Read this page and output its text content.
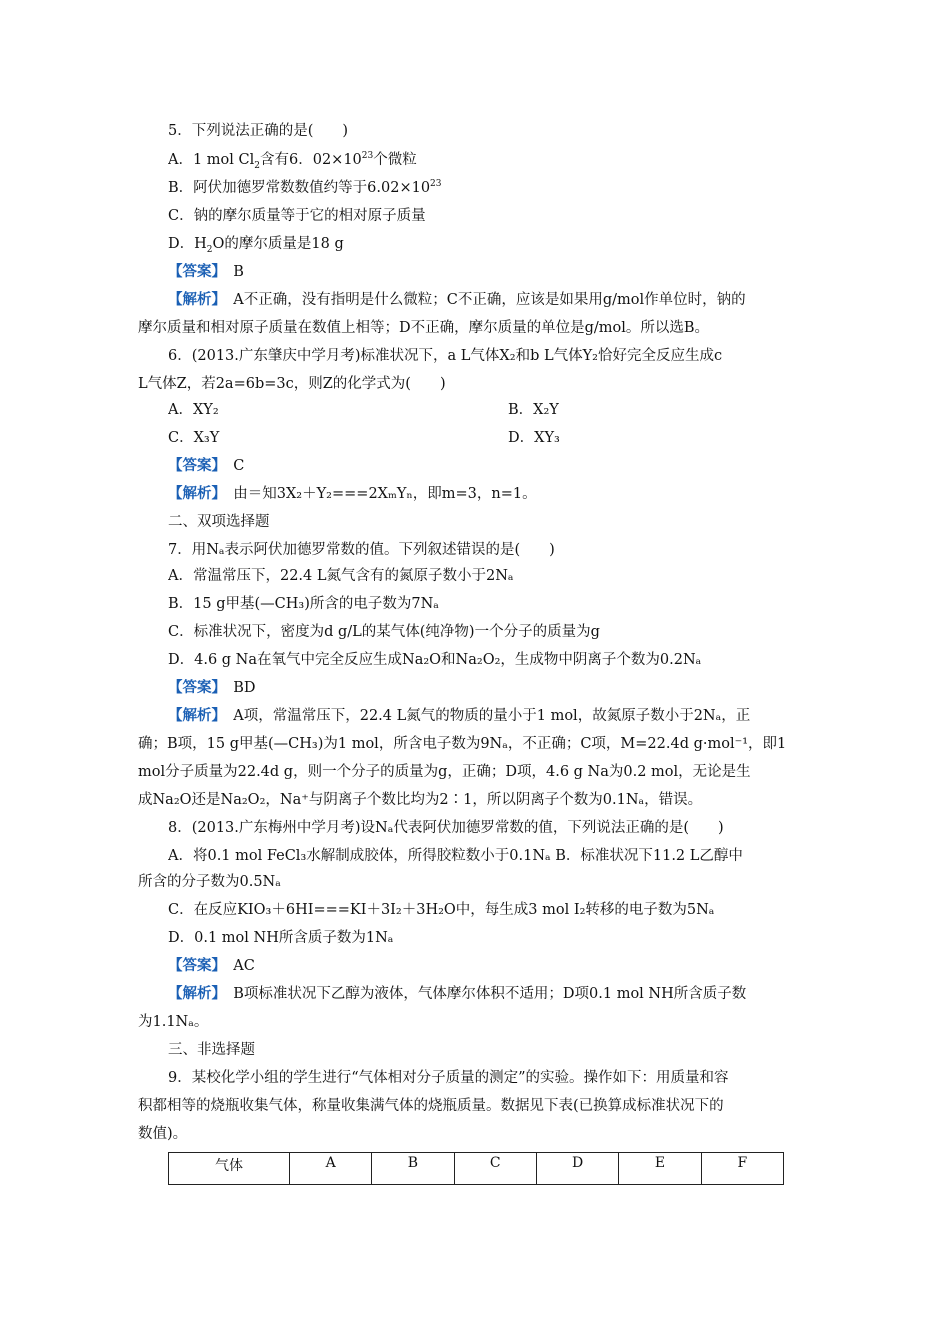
5．下列说法正确的是(　　)
A．1 mol $Cl_2$含有6．$02\times 10^{23}$个微粒
B．阿伏加德罗常数数值约等于$6.02\times 10^{23}$
C．钠的摩尔质量等于它的相对原子质量
D．$H_2O$的摩尔质量是18 g
【答案】　B
【解析】　A不正确，没有指明是什么微粒；C不正确，应该是如果用g/mol作单位时，钠的
摩尔质量和相对原子质量在数值上相等；D不正确，摩尔质量的单位是g/mol。所以选B。
6．(2013.广东肇庆中学月考)标准状况下，a L气体X₂和b L气体Y₂恰好完全反应生成c
L气体Z，若2a=6b=3c，则Z的化学式为(　　)
A．XY₂	B．X₂Y
C．X₃Y	D．XY₃
【答案】　C
【解析】　由＝知3X₂＋Y₂===2XₘYₙ，即m=3，n=1。
二、双项选择题
7．用Nₐ表示阿伏加德罗常数的值。下列叙述错误的是(　　)
A．常温常压下，22.4 L氮气含有的氮原子数小于2Nₐ
B．15 g甲基(—CH₃)所含的电子数为7Nₐ
C．标准状况下，密度为d g/L的某气体(纯净物)一个分子的质量为g
D．4.6 g Na在氧气中完全反应生成Na₂O和Na₂O₂，生成物中阴离子个数为0.2Nₐ
【答案】　BD
【解析】　A项，常温常压下，22.4 L氮气的物质的量小于1 mol，故氮原子数小于2Nₐ，正
确；B项，15 g甲基(—CH₃)为1 mol，所含电子数为9Nₐ，不正确；C项，M=22.4d g·mol⁻¹，即1
mol分子质量为22.4d g，则一个分子的质量为g，正确；D项，4.6 g Na为0.2 mol，无论是生
成Na₂O还是Na₂O₂，Na⁺与阴离子个数比均为2∶1，所以阴离子个数为0.1Nₐ，错误。
8．(2013.广东梅州中学月考)设Nₐ代表阿伏加德罗常数的值，下列说法正确的是(　　)
A．将0.1 mol FeCl₃水解制成胶体，所得胶粒数小于0.1Nₐ B．标准状况下11.2 L乙醇中
所含的分子数为0.5Nₐ
C．在反应KIO₃＋6HI===KI＋3I₂＋3H₂O中，每生成3 mol I₂转移的电子数为5Nₐ
D．0.1 mol NH所含质子数为1Nₐ
【答案】　AC
【解析】　B项标准状况下乙醇为液体，气体摩尔体积不适用；D项0.1 mol NH所含质子数
为1.1Nₐ。
三、非选择题
9．某校化学小组的学生进行“气体相对分子质量的测定”的实验。操作如下：用质量和容
积都相等的烧瓶收集气体，称量收集满气体的烧瓶质量。数据见下表(已换算成标准状况下的
数值)。
气体	A	B	C	D	E	F
